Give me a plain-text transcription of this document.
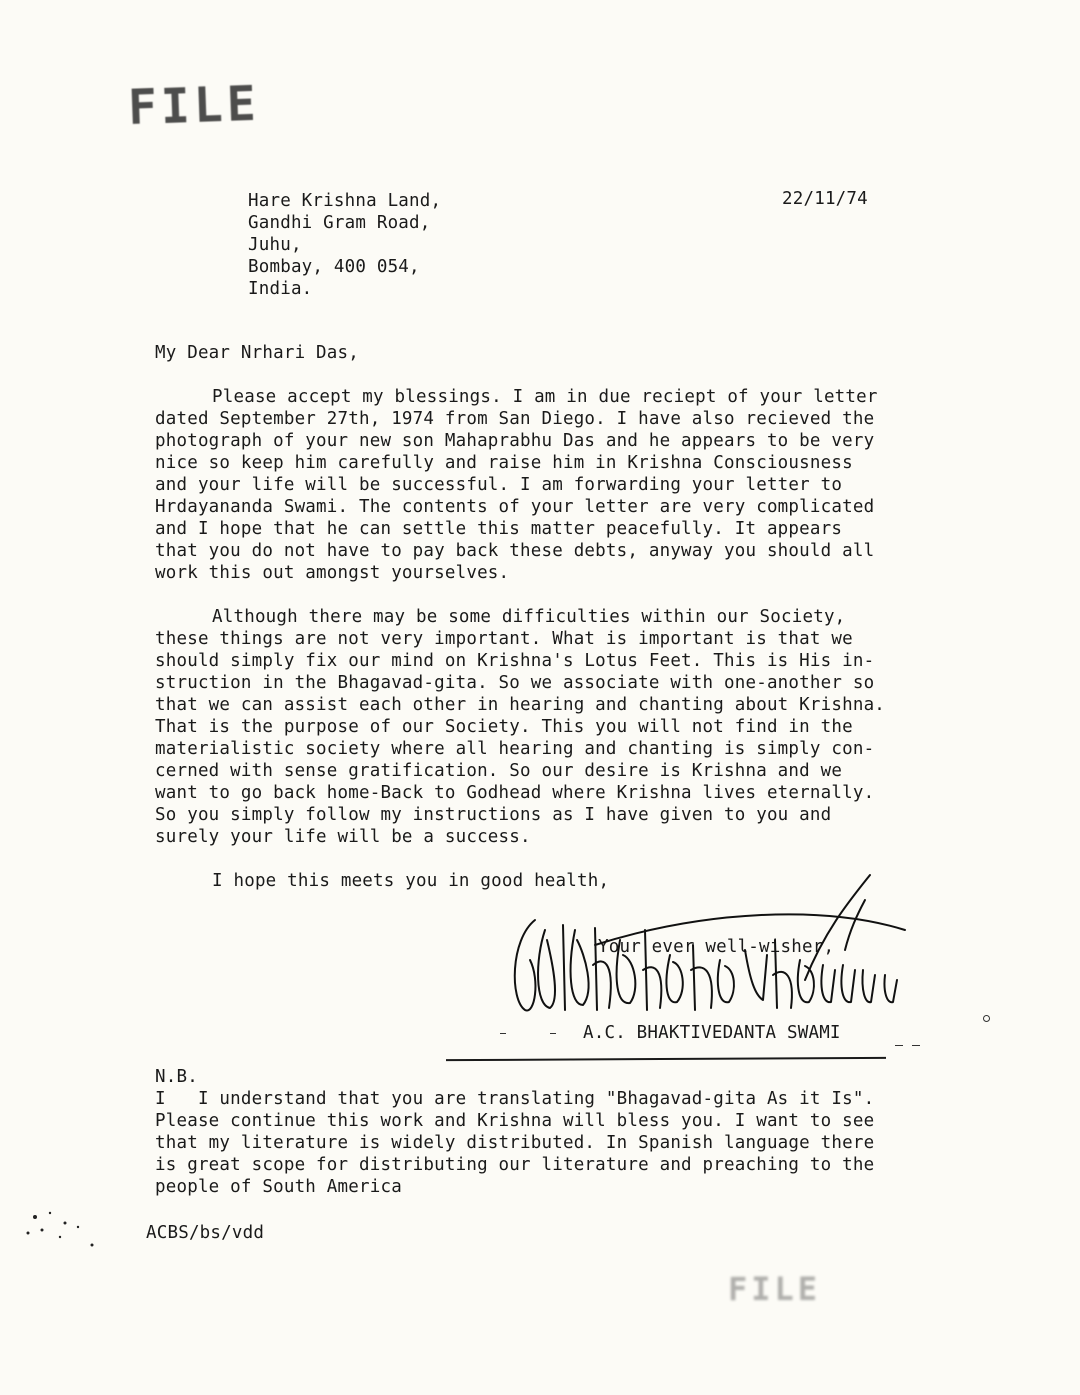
FILE
22/11/74
Hare Krishna Land,
Gandhi Gram Road,
Juhu,
Bombay, 400 054,
India.
My Dear Nrhari Das,
Please accept my blessings. I am in due reciept of your letter
dated September 27th, 1974 from San Diego. I have also recieved the
photograph of your new son Mahaprabhu Das and he appears to be very
nice so keep him carefully and raise him in Krishna Consciousness
and your life will be successful. I am forwarding your letter to
Hrdayananda Swami. The contents of your letter are very complicated
and I hope that he can settle this matter peacefully. It appears
that you do not have to pay back these debts, anyway you should all
work this out amongst yourselves.
Although there may be some difficulties within our Society,
these things are not very important. What is important is that we
should simply fix our mind on Krishna's Lotus Feet. This is His in-
struction in the Bhagavad-gita. So we associate with one-another so
that we can assist each other in hearing and chanting about Krishna.
That is the purpose of our Society. This you will not find in the
materialistic society where all hearing and chanting is simply con-
cerned with sense gratification. So our desire is Krishna and we
want to go back home-Back to Godhead where Krishna lives eternally.
So you simply follow my instructions as I have given to you and
surely your life will be a success.
I hope this meets you in good health,
Your ever well-wisher,
A.C. BHAKTIVEDANTA SWAMI
N.B.
I   I understand that you are translating "Bhagavad-gita As it Is".
Please continue this work and Krishna will bless you. I want to see
that my literature is widely distributed. In Spanish language there
is great scope for distributing our literature and preaching to the
people of South America
ACBS/bs/vdd
FILE
